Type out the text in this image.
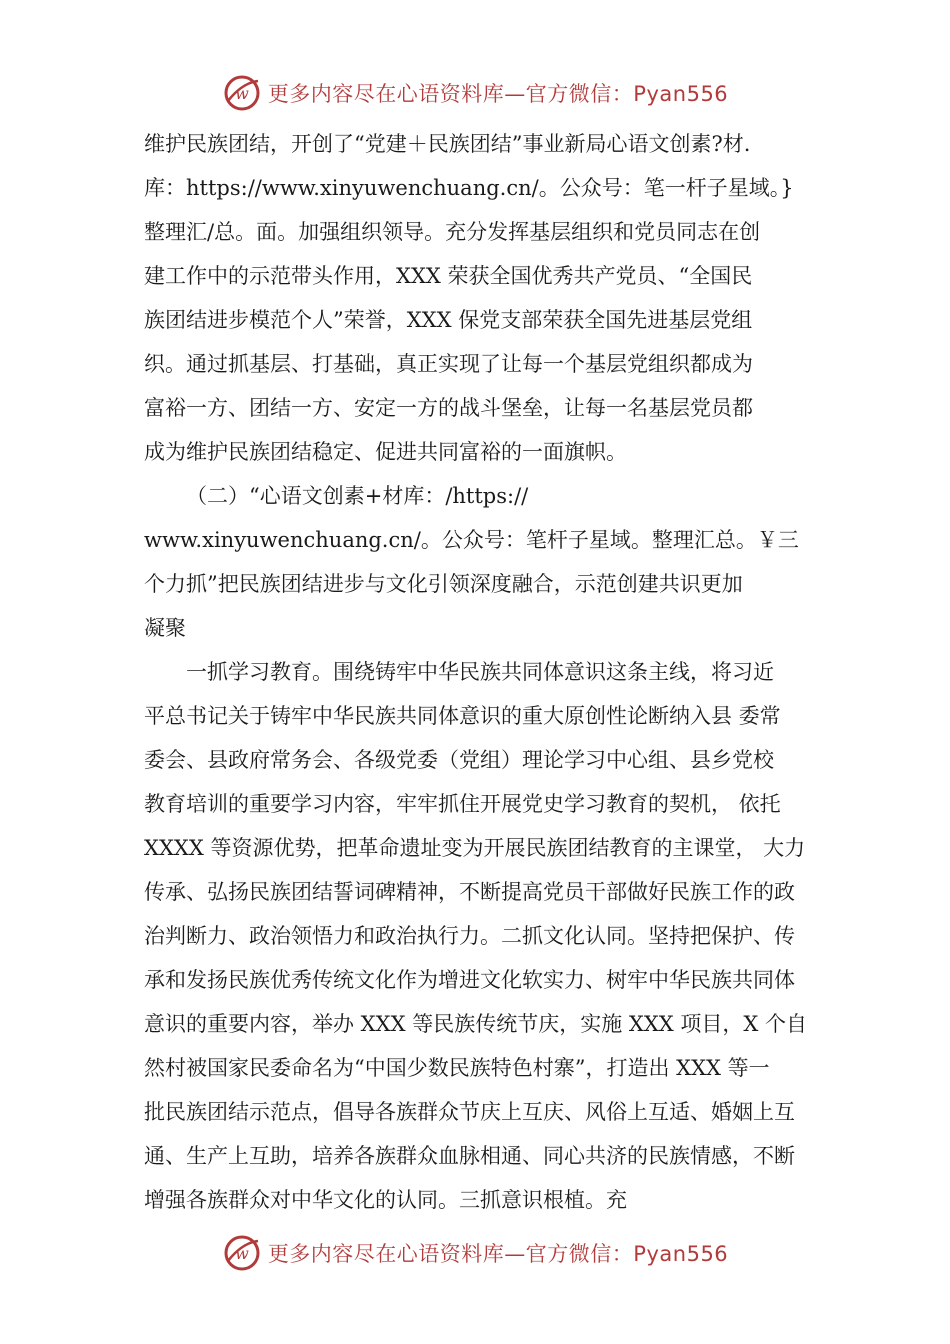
w 更多内容尽在心语资料库—官方微信：Pyan556
维护民族团结，开创了“党建＋民族团结”事业新局心语文创素?材.
库：https://www.xinyuwenchuang.cn/。公众号：笔一杆子星域。}
整理汇/总。面。加强组织领导。充分发挥基层组织和党员同志在创
建工作中的示范带头作用，XXX 荣获全国优秀共产党员、“全国民
族团结进步模范个人”荣誉，XXX 保党支部荣获全国先进基层党组
织。通过抓基层、打基础，真正实现了让每一个基层党组织都成为
富裕一方、团结一方、安定一方的战斗堡垒，让每一名基层党员都
成为维护民族团结稳定、促进共同富裕的一面旗帜。
（二）“心语文创素+材库：/https://
www.xinyuwenchuang.cn/。公众号：笔杆子星域。整理汇总。￥三
个力抓”把民族团结进步与文化引领深度融合，示范创建共识更加
凝聚
一抓学习教育。围绕铸牢中华民族共同体意识这条主线，将习近
平总书记关于铸牢中华民族共同体意识的重大原创性论断纳入县 委常
委会、县政府常务会、各级党委（党组）理论学习中心组、县乡党校
教育培训的重要学习内容，牢牢抓住开展党史学习教育的契机， 依托
XXXX 等资源优势，把革命遗址变为开展民族团结教育的主课堂， 大力
传承、弘扬民族团结誓词碑精神，不断提高党员干部做好民族工作的政
治判断力、政治领悟力和政治执行力。二抓文化认同。坚持把保护、传
承和发扬民族优秀传统文化作为增进文化软实力、树牢中华民族共同体
意识的重要内容，举办 XXX 等民族传统节庆，实施 XXX 项目，X 个自
然村被国家民委命名为“中国少数民族特色村寨”，打造出 XXX 等一
批民族团结示范点，倡导各族群众节庆上互庆、风俗上互适、婚姻上互
通、生产上互助，培养各族群众血脉相通、同心共济的民族情感，不断
增强各族群众对中华文化的认同。三抓意识根植。充
w 更多内容尽在心语资料库—官方微信：Pyan556
